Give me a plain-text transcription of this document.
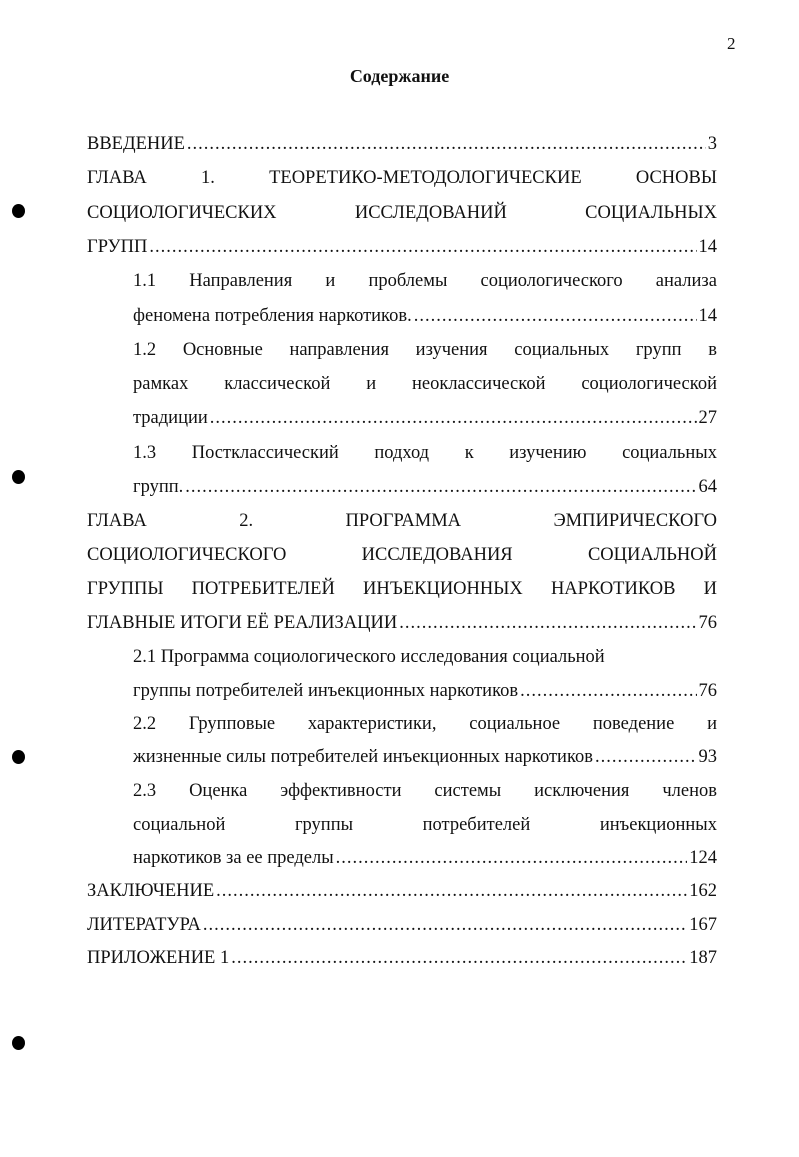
2
Содержание
ВВЕДЕНИЕ .....	3
ГЛАВА	1.	ТЕОРЕТИКО-МЕТОДОЛОГИЧЕСКИЕ	ОСНОВЫ
СОЦИОЛОГИЧЕСКИХ	ИССЛЕДОВАНИЙ	СОЦИАЛЬНЫХ
ГРУПП .....	14
1.1 Направления и проблемы социологического анализа
феномена потребления наркотиков. .....	14
1.2 Основные направления изучения социальных групп в
рамках классической и неоклассической социологической
традиции .....	27
1.3 Постклассический подход к изучению социальных
групп. .....	64
ГЛАВА	2.	ПРОГРАММА	ЭМПИРИЧЕСКОГО
СОЦИОЛОГИЧЕСКОГО	ИССЛЕДОВАНИЯ	СОЦИАЛЬНОЙ
ГРУППЫ ПОТРЕБИТЕЛЕЙ ИНЪЕКЦИОННЫХ НАРКОТИКОВ И
ГЛАВНЫЕ ИТОГИ ЕЁ РЕАЛИЗАЦИИ .....	76
2.1 Программа социологического исследования социальной
группы потребителей инъекционных наркотиков .....	76
2.2 Групповые характеристики, социальное поведение и
жизненные силы потребителей инъекционных наркотиков .....	93
2.3 Оценка эффективности системы исключения членов
социальной	группы	потребителей	инъекционных
наркотиков за ее пределы .....	124
ЗАКЛЮЧЕНИЕ .....	162
ЛИТЕРАТУРА .....	167
ПРИЛОЖЕНИЕ 1 .....	187
